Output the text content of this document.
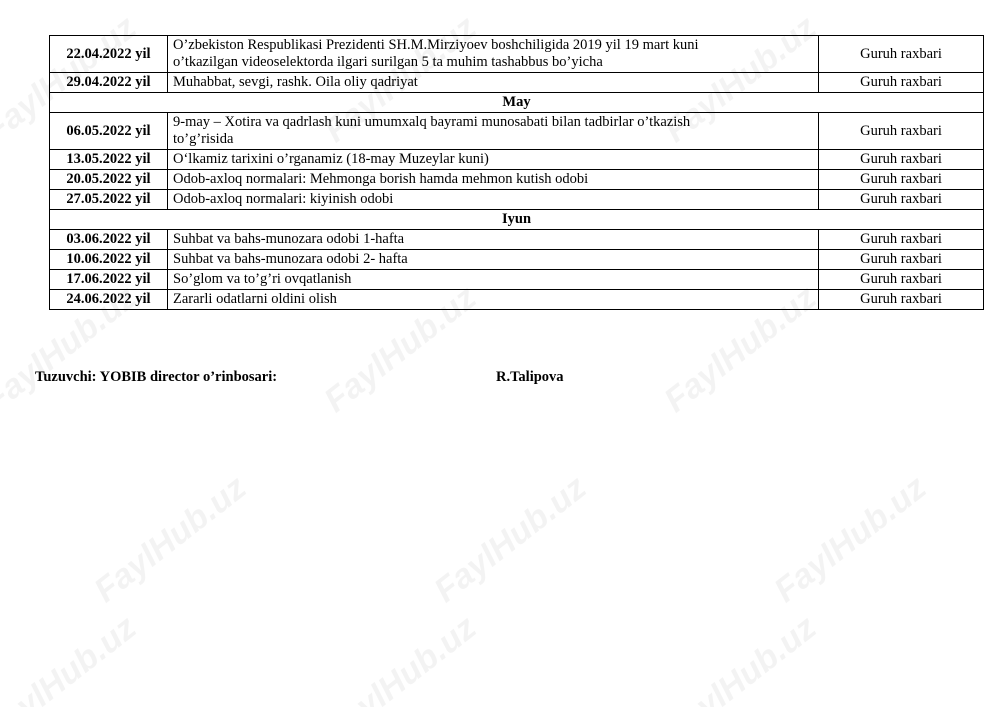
22.04.2022 yil	O’zbekiston Respublikasi Prezidenti SH.M.Mirziyoev boshchiligida 2019 yil 19 mart kuni
o’tkazilgan videoselektorda ilgari surilgan 5 ta muhim tashabbus bo’yicha	Guruh raxbari
29.04.2022 yil	Muhabbat, sevgi, rashk. Oila oliy qadriyat	Guruh raxbari
May		
06.05.2022 yil	9-may – Xotira va qadrlash kuni umumxalq bayrami munosabati bilan tadbirlar o’tkazish
to’g’risida	Guruh raxbari
13.05.2022 yil	O‘lkamiz tarixini o’rganamiz (18-may Muzeylar kuni)	Guruh raxbari
20.05.2022 yil	Odob-axloq normalari: Mehmonga borish hamda mehmon kutish odobi	Guruh raxbari
27.05.2022 yil	Odob-axloq normalari: kiyinish odobi	Guruh raxbari
Iyun		
03.06.2022 yil	Suhbat va bahs-munozara odobi 1-hafta	Guruh raxbari
10.06.2022 yil	Suhbat va bahs-munozara odobi 2- hafta	Guruh raxbari
17.06.2022 yil	So’glom va to’g’ri ovqatlanish	Guruh raxbari
24.06.2022 yil	Zararli odatlarni oldini olish	Guruh raxbari
Tuzuvchi: YOBIB director o’rinbosari:	R.Talipova
